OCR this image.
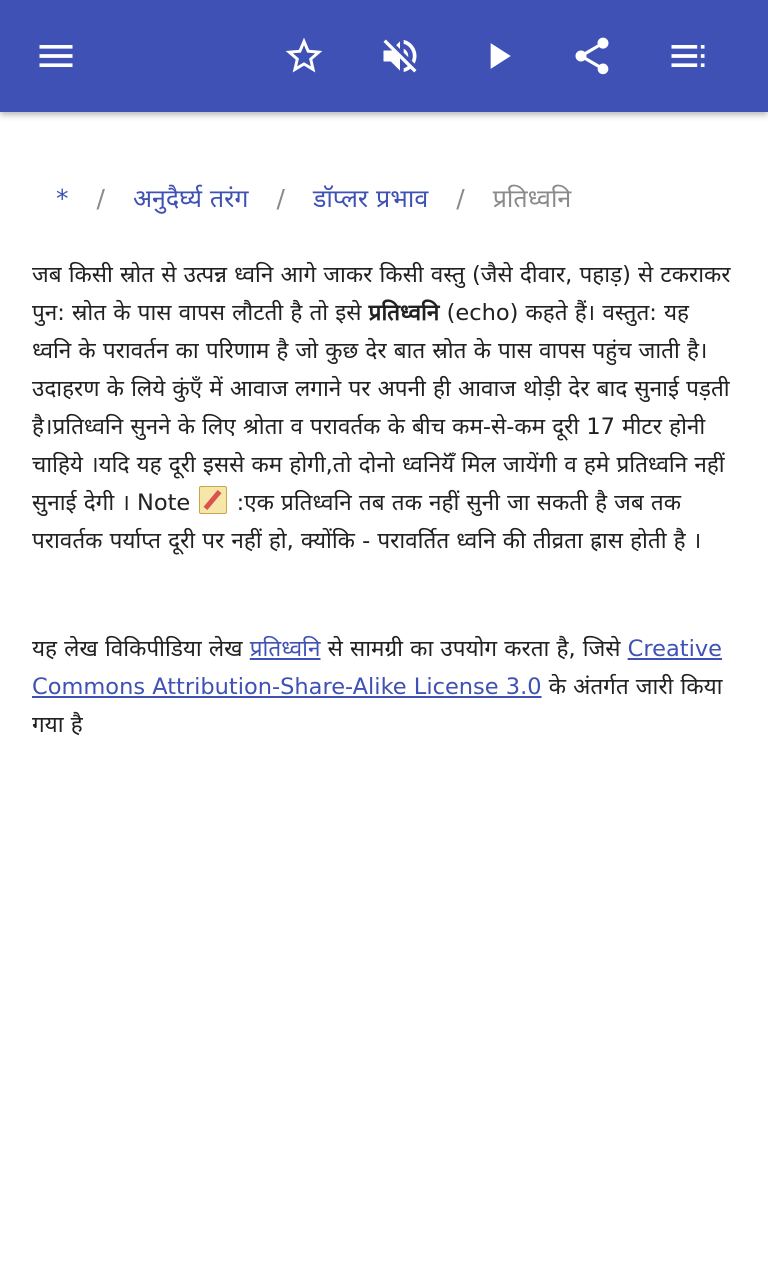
* / अनुदैर्घ्य तरंग / डॉप्लर प्रभाव / प्रतिध्वनि

जब किसी स्रोत से उत्पन्न ध्वनि आगे जाकर किसी वस्तु (जैसे दीवार, पहाड़) से टकराकर पुन: स्रोत के पास वापस लौटती है तो इसे प्रतिध्वनि (echo) कहते हैं। वस्तुत: यह ध्वनि के परावर्तन का परिणाम है जो कुछ देर बात स्रोत के पास वापस पहुंच जाती है। उदाहरण के लिये कुंएँ में आवाज लगाने पर अपनी ही आवाज थोड़ी देर बाद सुनाई पड़ती है।प्रतिध्वनि सुनने के लिए श्रोता व परावर्तक के बीच कम-से-कम दूरी 17 मीटर होनी चाहिये ।यदि यह दूरी इससे कम होगी,तो दोनो ध्वनियॅँ मिल जायेंगी व हमे प्रतिध्वनि नहीं सुनाई देगी । Note  :एक प्रतिध्वनि तब तक नहीं सुनी जा सकती है जब तक परावर्तक पर्याप्त दूरी पर नहीं हो, क्योंकि - परावर्तित ध्वनि की तीव्रता ह्रास होती है ।

यह लेख विकिपीडिया लेख प्रतिध्वनि से सामग्री का उपयोग करता है, जिसे Creative Commons Attribution-Share-Alike License 3.0 के अंतर्गत जारी किया गया है
